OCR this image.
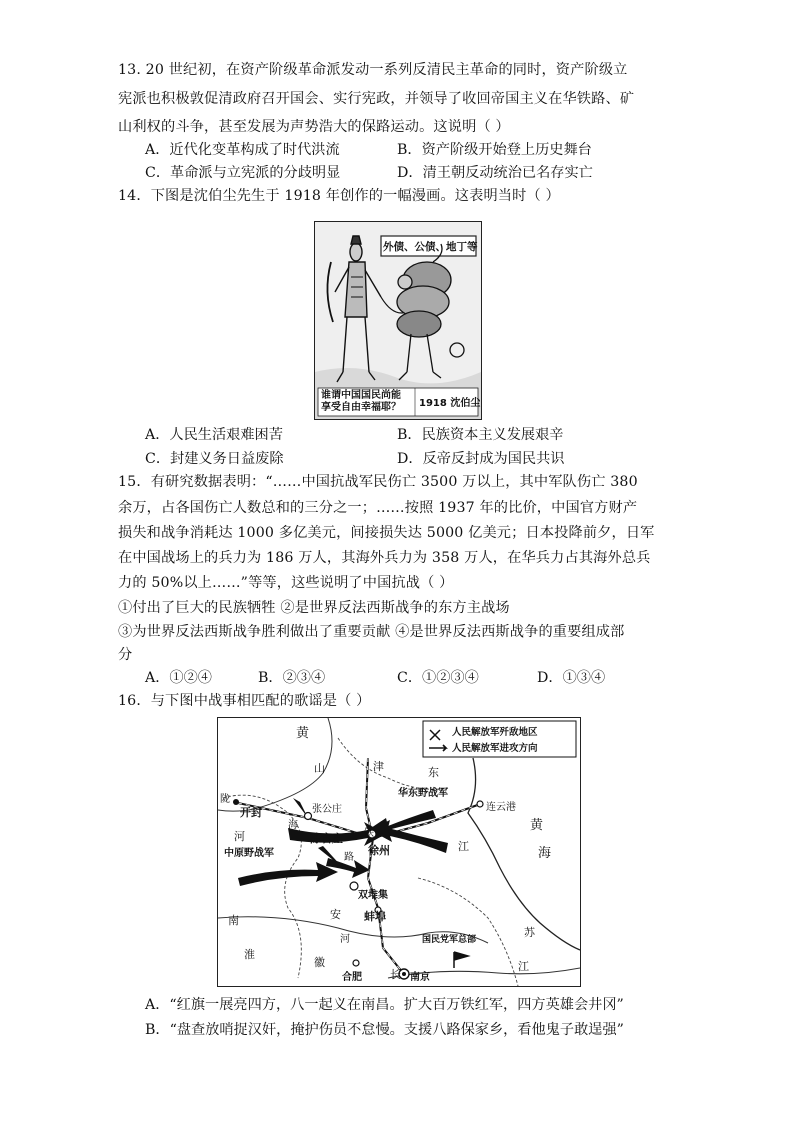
13. 20 世纪初，在资产阶级革命派发动一系列反清民主革命的同时，资产阶级立
宪派也积极敦促清政府召开国会、实行宪政，并领导了收回帝国主义在华铁路、矿
山利权的斗争，甚至发展为声势浩大的保路运动。这说明（ ）
A．近代化变革构成了时代洪流	B．资产阶级开始登上历史舞台
C．革命派与立宪派的分歧明显	D．清王朝反动统治已名存实亡
14．下图是沈伯尘先生于 1918 年创作的一幅漫画。这表明当时（ ）
外债、公债、地丁等
谁谓中国国民尚能
享受自由幸福耶？ 1918 沈伯尘
A．人民生活艰难困苦	B．民族资本主义发展艰辛
C．封建义务日益废除	D．反帝反封成为国民共识
15．有研究数据表明：“……中国抗战军民伤亡 3500 万以上，其中军队伤亡 380
余万，占各国伤亡人数总和的三分之一；……按照 1937 年的比价，中国官方财产
损失和战争消耗达 1000 多亿美元，间接损失达 5000 亿美元；日本投降前夕，日军
在中国战场上的兵力为 186 万人，其海外兵力为 358 万人，在华兵力占其海外总兵
力的 50%以上……”等等，这些说明了中国抗战（ ）
①付出了巨大的民族牺牲 ②是世界反法西斯战争的东方主战场
③为世界反法西斯战争胜利做出了重要贡献 ④是世界反法西斯战争的重要组成部
分
A．①②④	B．②③④	C．①②③④	D．①③④
16．与下图中战事相匹配的歌谣是（ ）
人民解放军歼敌地区
人民解放军进攻方向
黄
山	津	东
华东野战军
陇
开封	张公庄
海
连云港
黄
河	陈官庄 铁
徐州	江	海
中原野战军	路
双堆集
南	安 蚌埠
苏
淮
河	国民党军总部
徽
合肥	长 南京
江
A．“红旗一展亮四方，八一起义在南昌。扩大百万铁红军，四方英雄会井冈”
B．“盘查放哨捉汉奸，掩护伤员不怠慢。支援八路保家乡，看他鬼子敢逞强”
